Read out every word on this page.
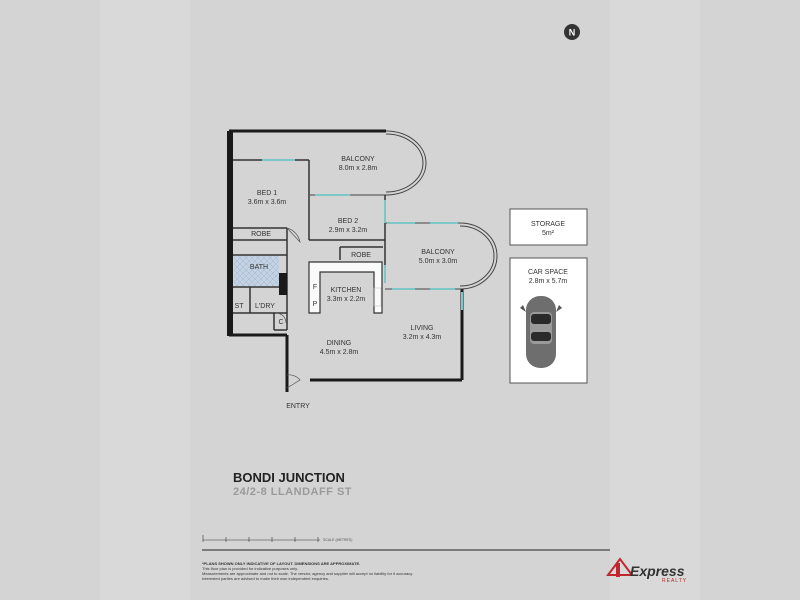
N
BALCONY
8.0m x 2.8m
BED 1
3.6m x 3.6m
BED 2
2.9m x 3.2m
ROBE
ROBE	BALCONY
5.0m x 3.0m
BATH
KITCHEN
3.3m x 2.2m
F
P
ST L'DRY
C
LIVING
3.2m x 4.3m
DINING
4.5m x 2.8m
ENTRY
STORAGE
5m²
CAR SPACE
2.8m x 5.7m
BONDI JUNCTION
24/2-8 LLANDAFF ST
SCALE (METRES)
*PLANS SHOWN ONLY INDICATIVE OF LAYOUT. DIMENSIONS ARE APPROXIMATE.
This floor plan is provided for indicative purposes only.
Measurements are approximate and not to scale. The vendor, agency and supplier will accept no liability for it accuracy.
Interested parties are advised to make their own independent enquiries.	Express
REALTY
